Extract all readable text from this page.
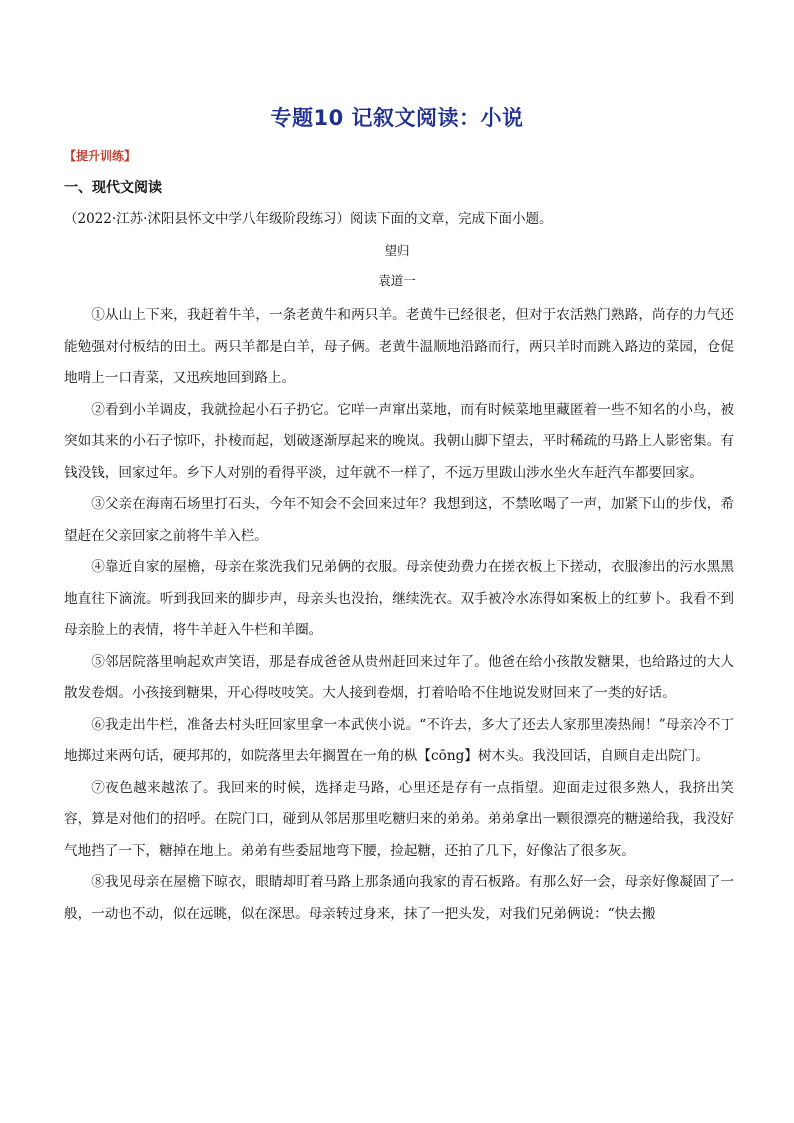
专题10 记叙文阅读：小说
【提升训练】
一、现代文阅读
（2022·江苏·沭阳县怀文中学八年级阶段练习）阅读下面的文章，完成下面小题。
望归
袁道一

①从山上下来，我赶着牛羊，一条老黄牛和两只羊。老黄牛已经很老，但对于农活熟门熟路，尚存的力气还能勉强对付板结的田土。两只羊都是白羊，母子俩。老黄牛温顺地沿路而行，两只羊时而跳入路边的菜园，仓促地啃上一口青菜，又迅疾地回到路上。

②看到小羊调皮，我就捡起小石子扔它。它咩一声窜出菜地，而有时候菜地里藏匿着一些不知名的小鸟，被突如其来的小石子惊吓，扑棱而起，划破逐渐厚起来的晚岚。我朝山脚下望去，平时稀疏的马路上人影密集。有钱没钱，回家过年。乡下人对别的看得平淡，过年就不一样了，不远万里跋山涉水坐火车赶汽车都要回家。

③父亲在海南石场里打石头，今年不知会不会回来过年？我想到这，不禁吆喝了一声，加紧下山的步伐，希望赶在父亲回家之前将牛羊入栏。

④靠近自家的屋檐，母亲在浆洗我们兄弟俩的衣服。母亲使劲费力在搓衣板上下搓动，衣服渗出的污水黑黑地直往下滴流。听到我回来的脚步声，母亲头也没抬，继续洗衣。双手被冷水冻得如案板上的红萝卜。我看不到母亲脸上的表情，将牛羊赶入牛栏和羊圈。

⑤邻居院落里响起欢声笑语，那是春成爸爸从贵州赶回来过年了。他爸在给小孩散发糖果，也给路过的大人散发卷烟。小孩接到糖果，开心得吱吱笑。大人接到卷烟，打着哈哈不住地说发财回来了一类的好话。

⑥我走出牛栏，准备去村头旺回家里拿一本武侠小说。“不许去，多大了还去人家那里凑热闹！”母亲冷不丁地掷过来两句话，硬邦邦的，如院落里去年搁置在一角的枞【cōng】树木头。我没回话，自顾自走出院门。

⑦夜色越来越浓了。我回来的时候，选择走马路，心里还是存有一点指望。迎面走过很多熟人，我挤出笑容，算是对他们的招呼。在院门口，碰到从邻居那里吃糖归来的弟弟。弟弟拿出一颗很漂亮的糖递给我，我没好气地挡了一下，糖掉在地上。弟弟有些委屈地弯下腰，捡起糖，还拍了几下，好像沾了很多灰。

⑧我见母亲在屋檐下晾衣，眼睛却盯着马路上那条通向我家的青石板路。有那么好一会，母亲好像凝固了一般，一动也不动，似在远眺，似在深思。母亲转过身来，抹了一把头发，对我们兄弟俩说：“快去搬
